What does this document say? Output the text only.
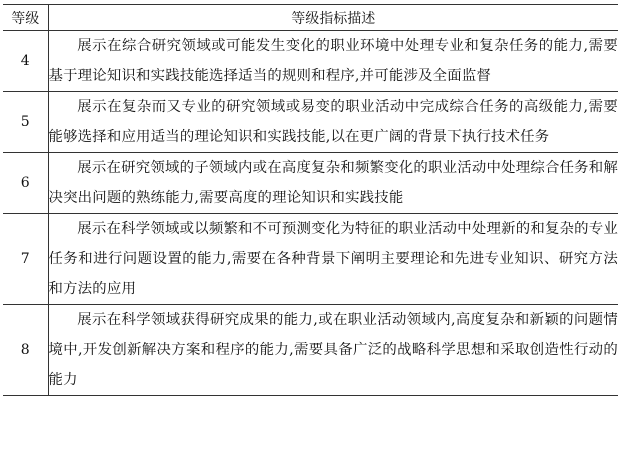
等级	等级指标描述
4	展示在综合研究领域或可能发生变化的职业环境中处理专业和复杂任务的能力,需要基于理论知识和实践技能选择适当的规则和程序,并可能涉及全面监督
5	展示在复杂而又专业的研究领域或易变的职业活动中完成综合任务的高级能力,需要能够选择和应用适当的理论知识和实践技能,以在更广阔的背景下执行技术任务
6	展示在研究领域的子领域内或在高度复杂和频繁变化的职业活动中处理综合任务和解决突出问题的熟练能力,需要高度的理论知识和实践技能
7	展示在科学领域或以频繁和不可预测变化为特征的职业活动中处理新的和复杂的专业任务和进行问题设置的能力,需要在各种背景下阐明主要理论和先进专业知识、研究方法和方法的应用
8	展示在科学领域获得研究成果的能力,或在职业活动领域内,高度复杂和新颖的问题情境中,开发创新解决方案和程序的能力,需要具备广泛的战略科学思想和采取创造性行动的能力
